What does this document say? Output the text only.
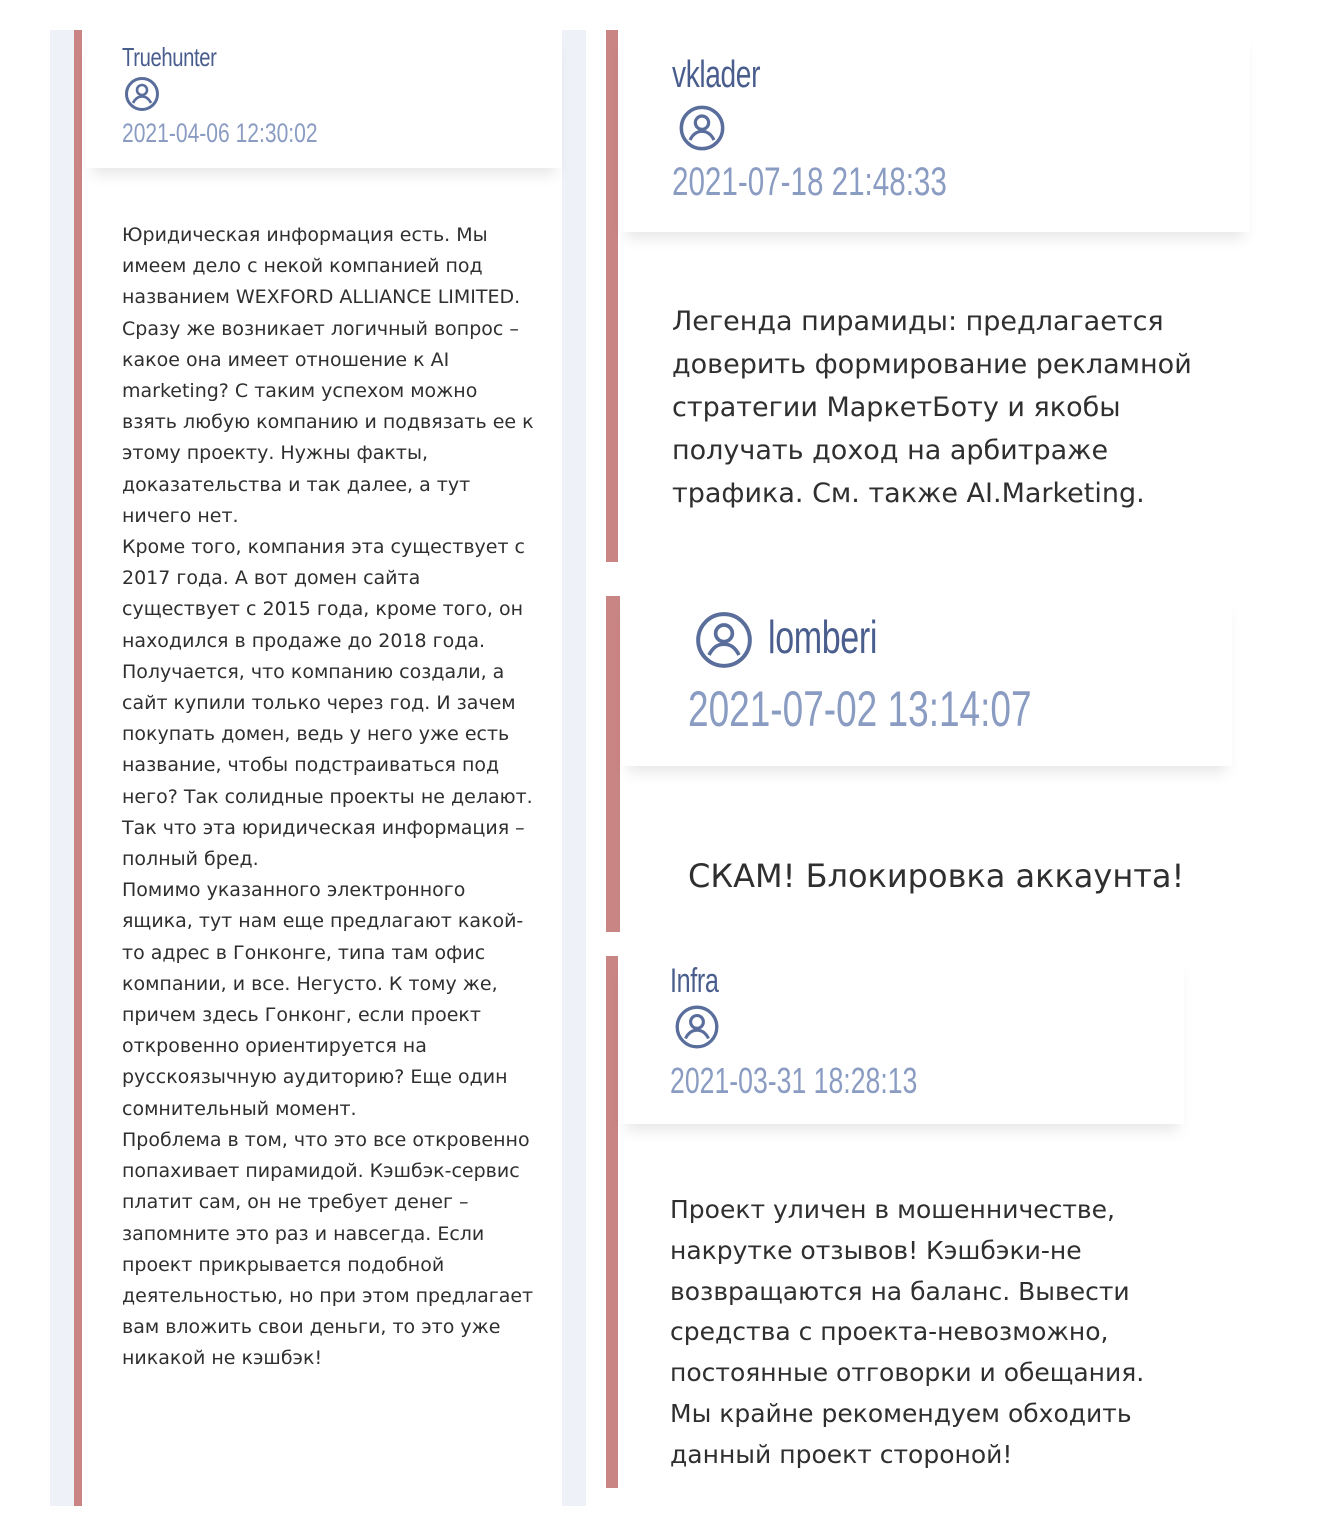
Truehunter
2021-04-06 12:30:02

Юридическая информация есть. Мы имеем дело с некой компанией под названием WEXFORD ALLIANCE LIMITED. Сразу же возникает логичный вопрос – какое она имеет отношение к AI marketing? С таким успехом можно взять любую компанию и подвязать ее к этому проекту. Нужны факты, доказательства и так далее, а тут ничего нет.

Кроме того, компания эта существует с 2017 года. А вот домен сайта существует с 2015 года, кроме того, он находился в продаже до 2018 года. Получается, что компанию создали, а сайт купили только через год. И зачем покупать домен, ведь у него уже есть название, чтобы подстраиваться под него? Так солидные проекты не делают. Так что эта юридическая информация – полный бред.

Помимо указанного электронного ящика, тут нам еще предлагают какой-то адрес в Гонконге, типа там офис компании, и все. Негусто. К тому же, причем здесь Гонконг, если проект откровенно ориентируется на русскоязычную аудиторию? Еще один сомнительный момент.

Проблема в том, что это все откровенно попахивает пирамидой. Кэшбэк-сервис платит сам, он не требует денег – запомните это раз и навсегда. Если проект прикрывается подобной деятельностью, но при этом предлагает вам вложить свои деньги, то это уже никакой не кэшбэк!

vklader
2021-07-18 21:48:33
Легенда пирамиды: предлагается доверить формирование рекламной стратегии МаркетБоту и якобы получать доход на арбитраже трафика. См. также AI.Marketing.
lomberi
2021-07-02 13:14:07
СКАМ! Блокировка аккаунта!
Infra
2021-03-31 18:28:13
Проект уличен в мошенничестве, накрутке отзывов! Кэшбэки-не возвращаются на баланс. Вывести средства с проекта-невозможно, постоянные отговорки и обещания. Мы крайне рекомендуем обходить данный проект стороной!
